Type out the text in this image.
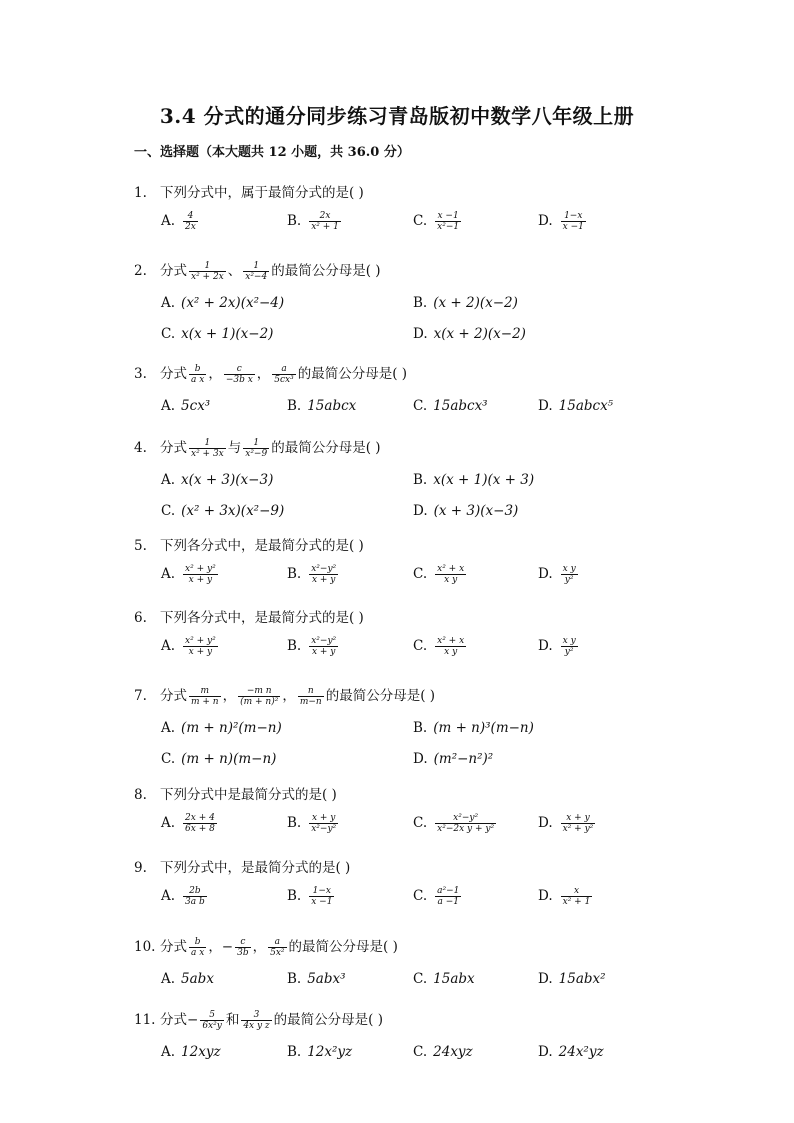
3.4 分式的通分同步练习青岛版初中数学八年级上册
一、选择题（本大题共 12 小题，共 36.0 分）
1. 下列分式中，属于最简分式的是( )
A. $\frac{4}{2x}$	B. $\frac{2x}{\text{x² + 1}}$	C. $\frac{x -1}{\text{x²−1}}$	D. $\frac{1-x}{x -1}$
2. 分式 $\frac{1}{\text{x² + 2x}}$ 、 $\frac{1}{\text{x²−4}}$ 的最简公分母是( )
A. (x² + 2x)(x²−4)	B. (x + 2)(x−2)
C. x(x + 1)(x−2)	D. x(x + 2)(x−2)
3. 分式 $\frac{b}{\text{a x}}$ ， $\frac{c}{\text{−3b x}}$ ， $\frac{a}{\text{5cx³}}$ 的最简公分母是( )
A. 5cx³	B. 15abcx	C. 15abcx³	D. 15abcx⁵
4. 分式 $\frac{1}{\text{x² + 3x}}$ 与 $\frac{1}{\text{x²−9}}$ 的最简公分母是( )
A. x(x + 3)(x−3)	B. x(x + 1)(x + 3)
C. (x² + 3x)(x²−9)	D. (x + 3)(x−3)
5. 下列各分式中，是最简分式的是( )
A. $\frac{\text{x² + y²}}{x + y}$	B. $\frac{\text{x²−y²}}{x + y}$	C. $\frac{\text{x² + x}}{\text{x y}}$	D. $\frac{\text{x y}}{\text{y²}}$
6. 下列各分式中，是最简分式的是( )
A. $\frac{\text{x² + y²}}{x + y}$	B. $\frac{\text{x²−y²}}{x + y}$	C. $\frac{\text{x² + x}}{\text{x y}}$	D. $\frac{\text{x y}}{\text{y²}}$
7. 分式 $\frac{m}{m + n}$ ， $\frac{\text{−m n}}{\text{(m + n)²}}$ ， $\frac{n}{m-n}$ 的最简公分母是( )
A. (m + n)²(m−n)	B. (m + n)³(m−n)
C. (m + n)(m−n)	D. (m²−n²)²
8. 下列分式中是最简分式的是( )
A. $\frac{2x + 4}{6x + 8}$	B. $\frac{x + y}{\text{x²−y²}}$	C. $\frac{\text{x²−y²}}{\text{x²−2x y + y²}}$	D. $\frac{x + y}{\text{x² + y²}}$
9. 下列分式中，是最简分式的是( )
A. $\frac{2b}{\text{3a b}}$	B. $\frac{1-x}{x -1}$	C. $\frac{\text{a²−1}}{a -1}$	D. $\frac{x}{\text{x² + 1}}$
10. 分式 $\frac{b}{\text{a x}}$ ，− $\frac{c}{3b}$ ， $\frac{a}{\text{5x²}}$ 的最简公分母是( )
A. 5abx	B. 5abx³	C. 15abx	D. 15abx²
11. 分式− $\frac{5}{\text{6x²y}}$ 和 $\frac{3}{\text{4x y z}}$ 的最简公分母是( )
A. 12xyz	B. 12x²yz	C. 24xyz	D. 24x²yz
